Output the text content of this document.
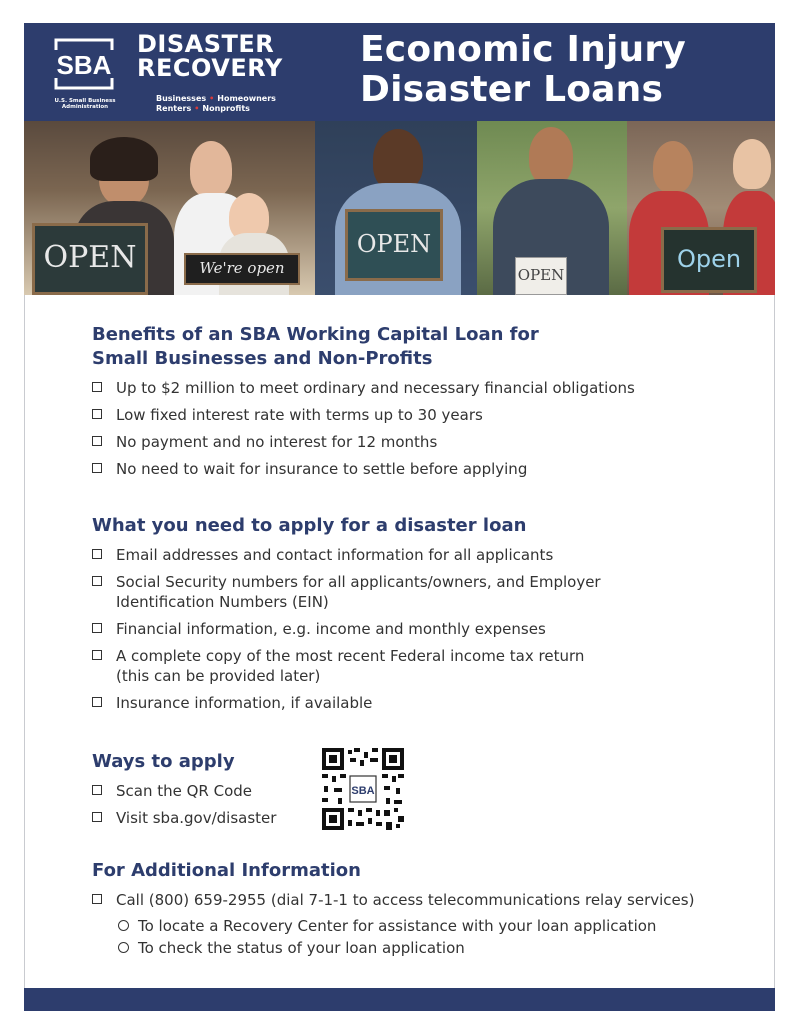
SBA
U.S. Small Business Administration
DISASTER
RECOVERY
Businesses • Homeowners
Renters • Nonprofits
Economic Injury
Disaster Loans
OPEN	We're open
OPEN
OPEN
Open
Benefits of an SBA Working Capital Loan for
Small Businesses and Non-Profits
Up to $2 million to meet ordinary and necessary financial obligations
Low fixed interest rate with terms up to 30 years
No payment and no interest for 12 months
No need to wait for insurance to settle before applying
What you need to apply for a disaster loan
Email addresses and contact information for all applicants
Social Security numbers for all applicants/owners, and Employer Identification Numbers (EIN)
Financial information, e.g. income and monthly expenses
A complete copy of the most recent Federal income tax return (this can be provided later)
Insurance information, if available
Ways to apply
Scan the QR Code
Visit sba.gov/disaster
SBA
For Additional Information
Call (800) 659-2955 (dial 7-1-1 to access telecommunications relay services)
To locate a Recovery Center for assistance with your loan application
To check the status of your loan application
